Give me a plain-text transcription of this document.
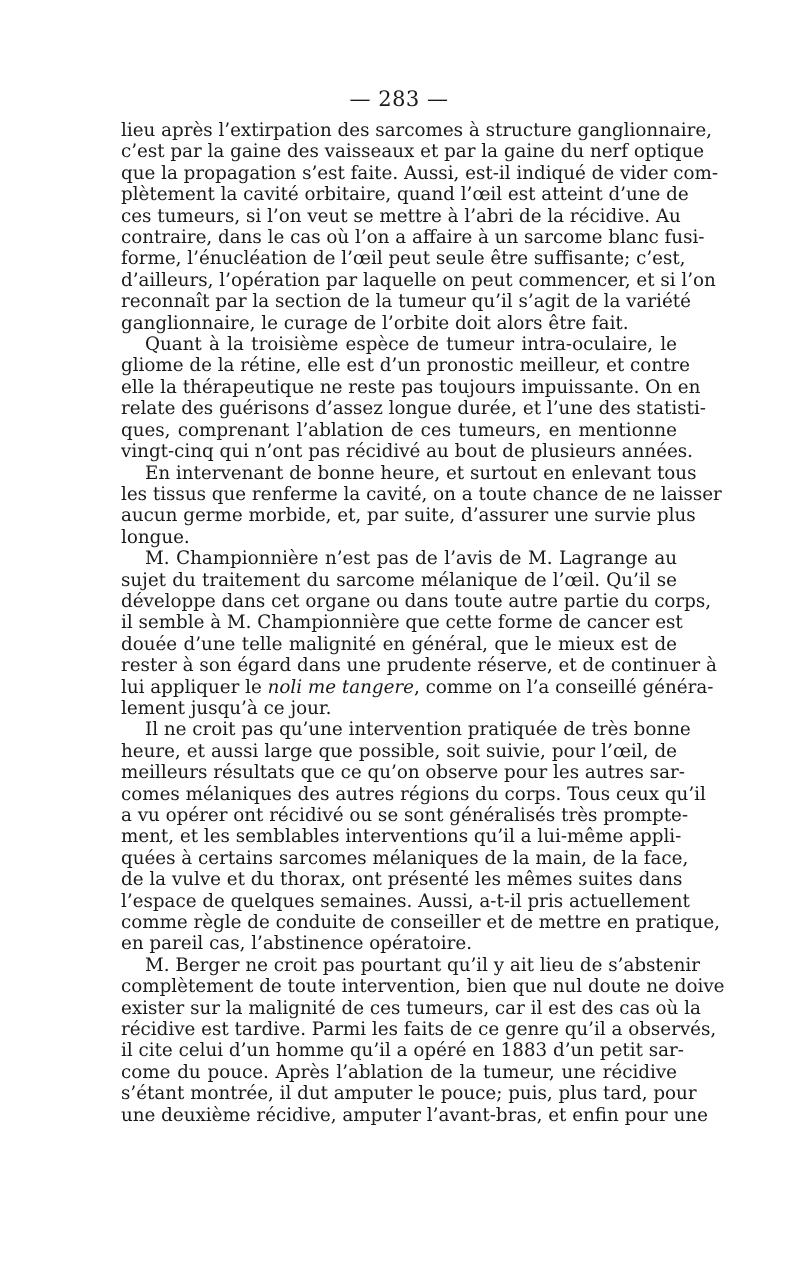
— 283 —

lieu après l’extirpation des sarcomes à structure ganglionnaire,
c’est par la gaine des vaisseaux et par la gaine du nerf optique
que la propagation s’est faite. Aussi, est-il indiqué de vider com-
plètement la cavité orbitaire, quand l’œil est atteint d’une de
ces tumeurs, si l’on veut se mettre à l’abri de la récidive. Au
contraire, dans le cas où l’on a affaire à un sarcome blanc fusi-
forme, l’énucléation de l’œil peut seule être suffisante; c’est,
d’ailleurs, l’opération par laquelle on peut commencer, et si l’on
reconnaît par la section de la tumeur qu’il s’agit de la variété
ganglionnaire, le curage de l’orbite doit alors être fait.

Quant à la troisième espèce de tumeur intra-oculaire, le
gliome de la rétine, elle est d’un pronostic meilleur, et contre
elle la thérapeutique ne reste pas toujours impuissante. On en
relate des guérisons d’assez longue durée, et l’une des statisti-
ques, comprenant l’ablation de ces tumeurs, en mentionne
vingt-cinq qui n’ont pas récidivé au bout de plusieurs années.

En intervenant de bonne heure, et surtout en enlevant tous
les tissus que renferme la cavité, on a toute chance de ne laisser
aucun germe morbide, et, par suite, d’assurer une survie plus
longue.

M. Championnière n’est pas de l’avis de M. Lagrange au
sujet du traitement du sarcome mélanique de l’œil. Qu’il se
développe dans cet organe ou dans toute autre partie du corps,
il semble à M. Championnière que cette forme de cancer est
douée d’une telle malignité en général, que le mieux est de
rester à son égard dans une prudente réserve, et de continuer à
lui appliquer le noli me tangere, comme on l’a conseillé généra-
lement jusqu’à ce jour.

Il ne croit pas qu’une intervention pratiquée de très bonne
heure, et aussi large que possible, soit suivie, pour l’œil, de
meilleurs résultats que ce qu’on observe pour les autres sar-
comes mélaniques des autres régions du corps. Tous ceux qu’il
a vu opérer ont récidivé ou se sont généralisés très prompte-
ment, et les semblables interventions qu’il a lui-même appli-
quées à certains sarcomes mélaniques de la main, de la face,
de la vulve et du thorax, ont présenté les mêmes suites dans
l’espace de quelques semaines. Aussi, a-t-il pris actuellement
comme règle de conduite de conseiller et de mettre en pratique,
en pareil cas, l’abstinence opératoire.

M. Berger ne croit pas pourtant qu’il y ait lieu de s’abstenir
complètement de toute intervention, bien que nul doute ne doive
exister sur la malignité de ces tumeurs, car il est des cas où la
récidive est tardive. Parmi les faits de ce genre qu’il a observés,
il cite celui d’un homme qu’il a opéré en 1883 d’un petit sar-
come du pouce. Après l’ablation de la tumeur, une récidive
s’étant montrée, il dut amputer le pouce; puis, plus tard, pour
une deuxième récidive, amputer l’avant-bras, et enfin pour une
